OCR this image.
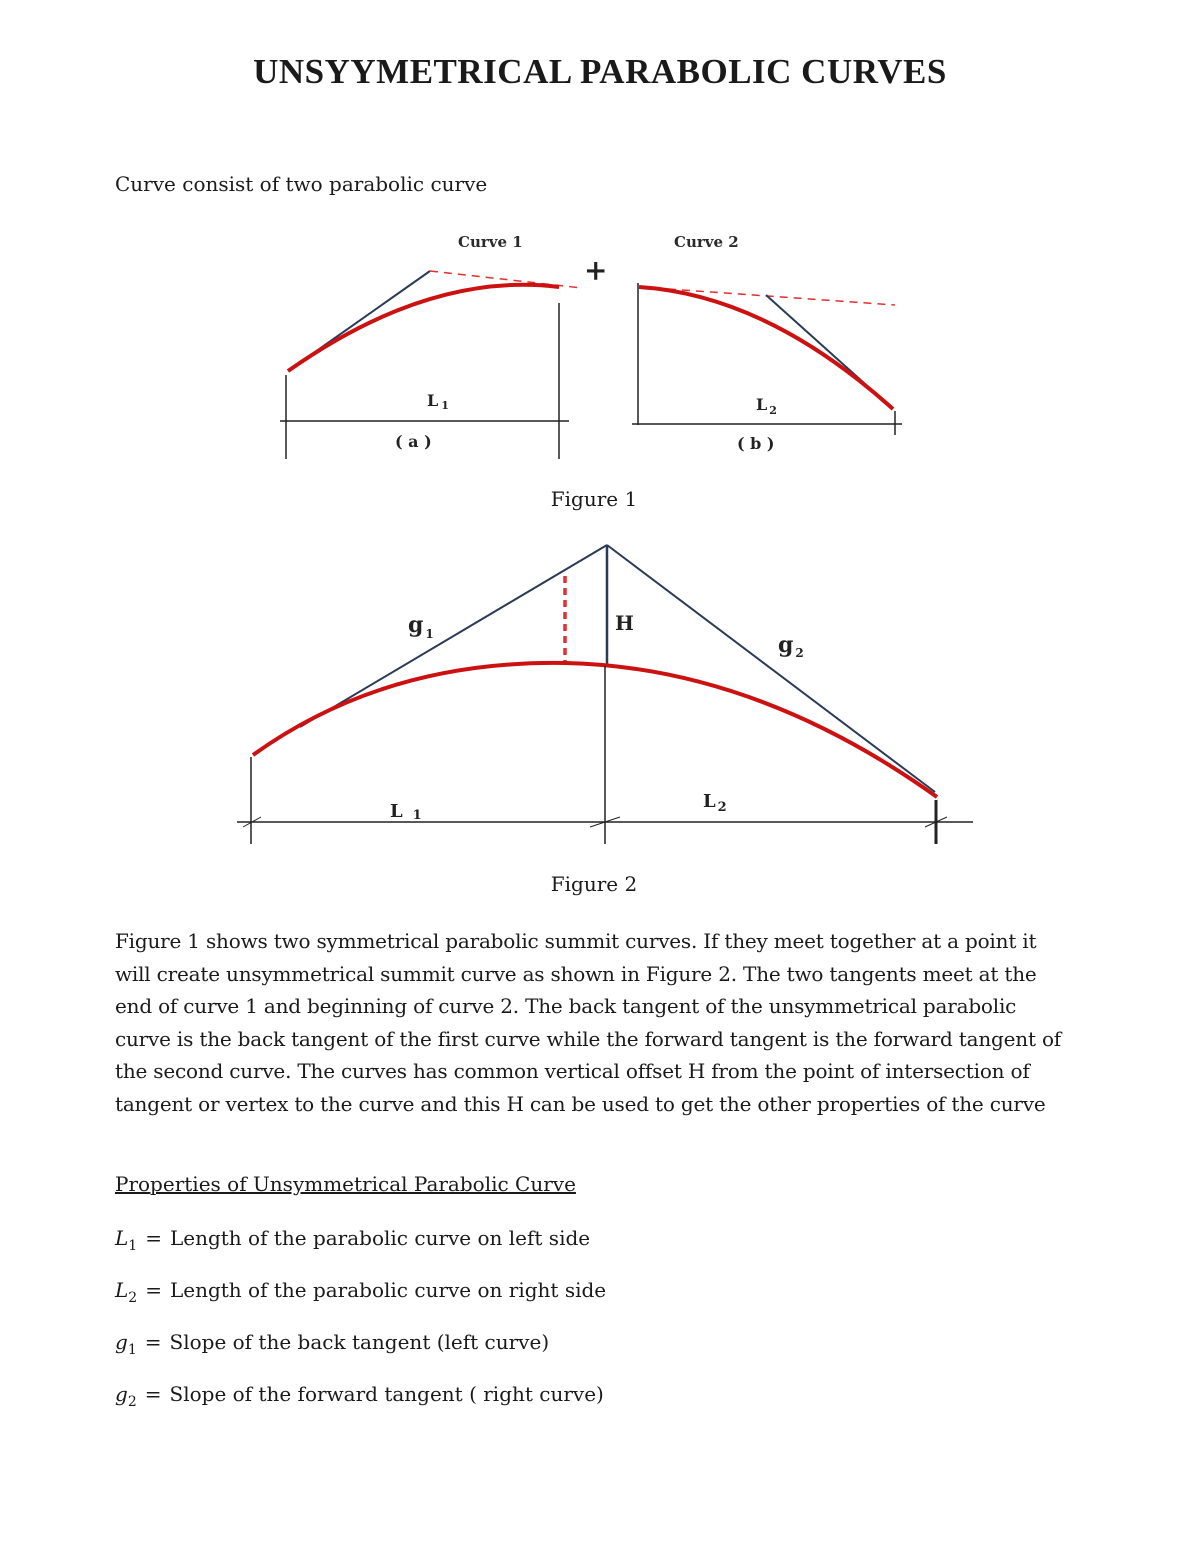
UNSYYMETRICAL PARABOLIC CURVES

Curve consist of two parabolic curve

Curve 1
L 1
( a )
+
Curve 2
L $_2$
( b )

Figure 1

g $_1$	H
g $_2$
L 1
L $_2$

Figure 2

Figure 1 shows two symmetrical parabolic summit curves. If they meet together at a point it will create unsymmetrical summit curve as shown in Figure 2. The two tangents meet at the end of curve 1 and beginning of curve 2. The back tangent of the unsymmetrical parabolic curve is the back tangent of the first curve while the forward tangent is the forward tangent of the second curve. The curves has common vertical offset H from the point of intersection of tangent or vertex to the curve and this H can be used to get the other properties of the curve

Properties of Unsymmetrical Parabolic Curve

$L_1$ = Length of the parabolic curve on left side

$L_2$ = Length of the parabolic curve on right side

$g_1$ = Slope of the back tangent (left curve)

$g_2$ = Slope of the forward tangent ( right curve)
